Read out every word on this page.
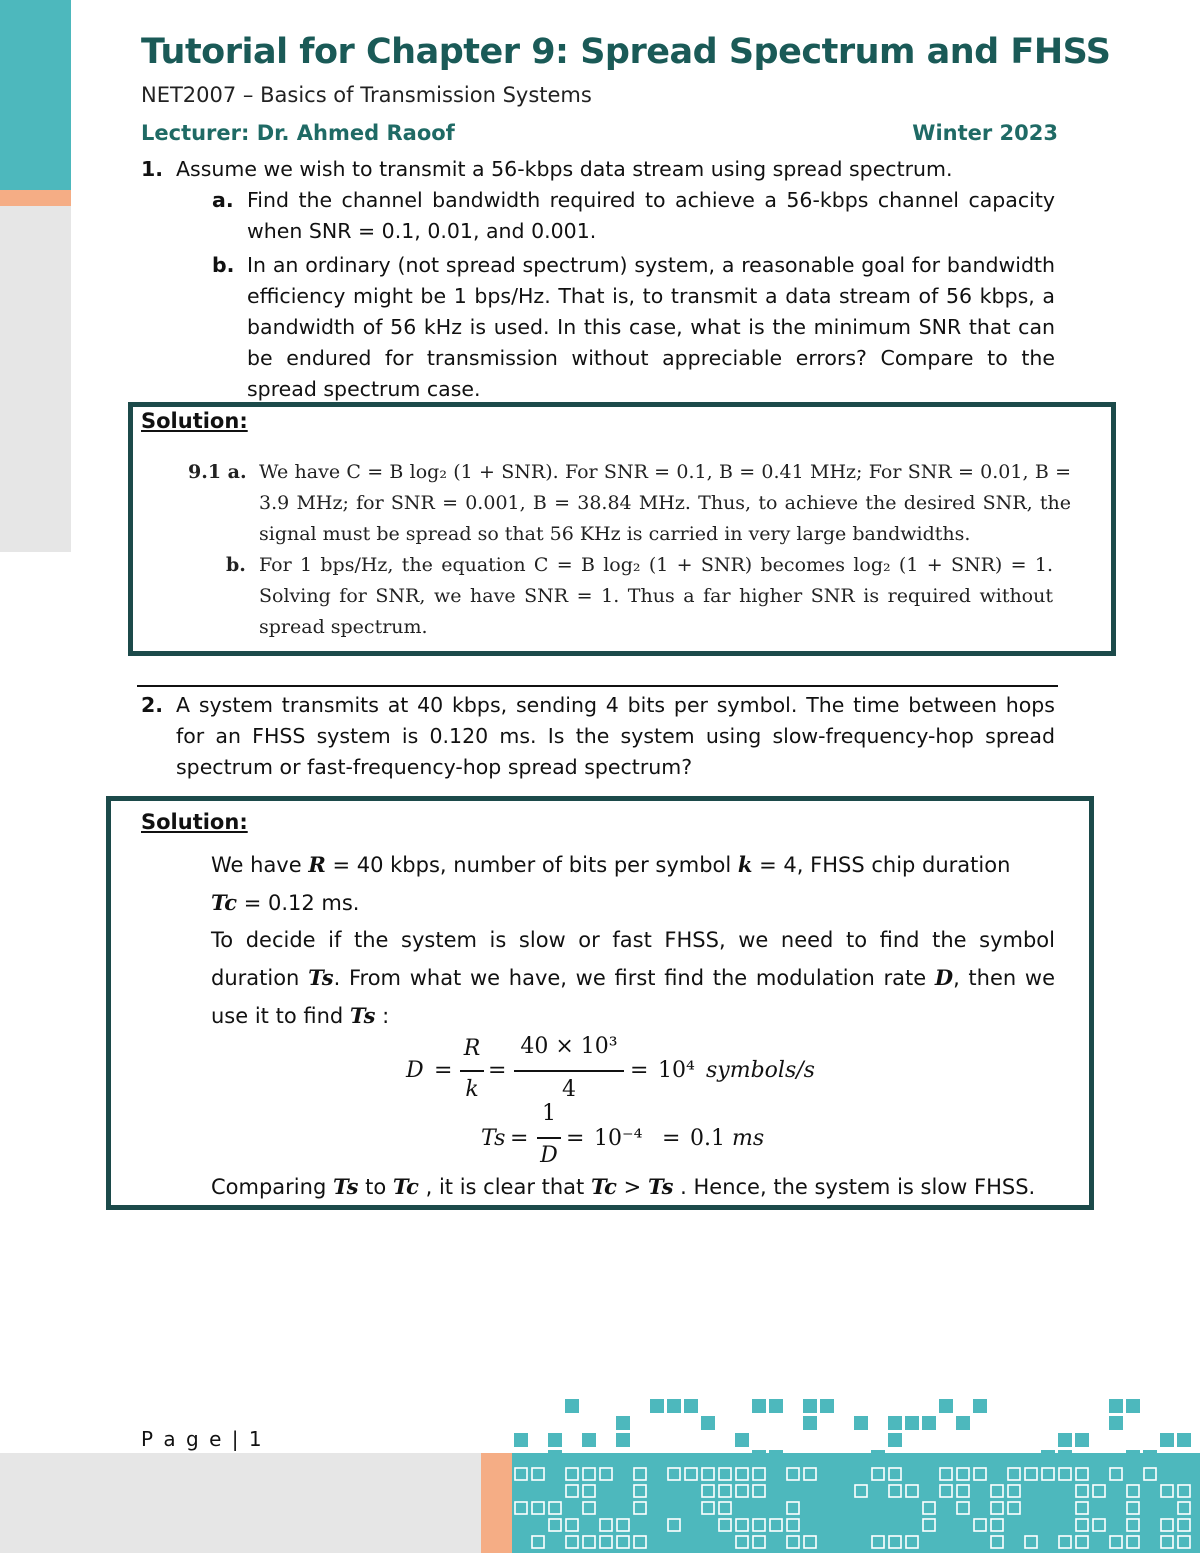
Tutorial for Chapter 9: Spread Spectrum and FHSS
NET2007 – Basics of Transmission Systems
Lecturer: Dr. Ahmed Raoof	Winter 2023
1. Assume we wish to transmit a 56-kbps data stream using spread spectrum.
a. Find the channel bandwidth required to achieve a 56-kbps channel capacity when SNR = 0.1, 0.01, and 0.001.
b. In an ordinary (not spread spectrum) system, a reasonable goal for bandwidth efficiency might be 1 bps/Hz. That is, to transmit a data stream of 56 kbps, a bandwidth of 56 kHz is used. In this case, what is the minimum SNR that can be endured for transmission without appreciable errors? Compare to the spread spectrum case.
Solution:
9.1 a. We have C = B log₂ (1 + SNR). For SNR = 0.1, B = 0.41 MHz; For SNR = 0.01, B = 3.9 MHz; for SNR = 0.001, B = 38.84 MHz. Thus, to achieve the desired SNR, the signal must be spread so that 56 KHz is carried in very large bandwidths.
b. For 1 bps/Hz, the equation C = B log₂ (1 + SNR) becomes log₂ (1 + SNR) = 1. Solving for SNR, we have SNR = 1. Thus a far higher SNR is required without spread spectrum.
2. A system transmits at 40 kbps, sending 4 bits per symbol. The time between hops for an FHSS system is 0.120 ms. Is the system using slow-frequency-hop spread spectrum or fast-frequency-hop spread spectrum?
Solution:
We have R = 40 kbps, number of bits per symbol k = 4, FHSS chip duration
Tc = 0.12 ms.
To decide if the system is slow or fast FHSS, we need to find the symbol duration Ts. From what we have, we first find the modulation rate D, then we use it to find Ts :
D =
R
k
=
40 × 10³
4
= 10⁴ symbols/s
Ts =
1
D
= 10⁻⁴ = 0.1 ms
Comparing Ts to Tc , it is clear that Tc > Ts . Hence, the system is slow FHSS.
P a g e | 1
